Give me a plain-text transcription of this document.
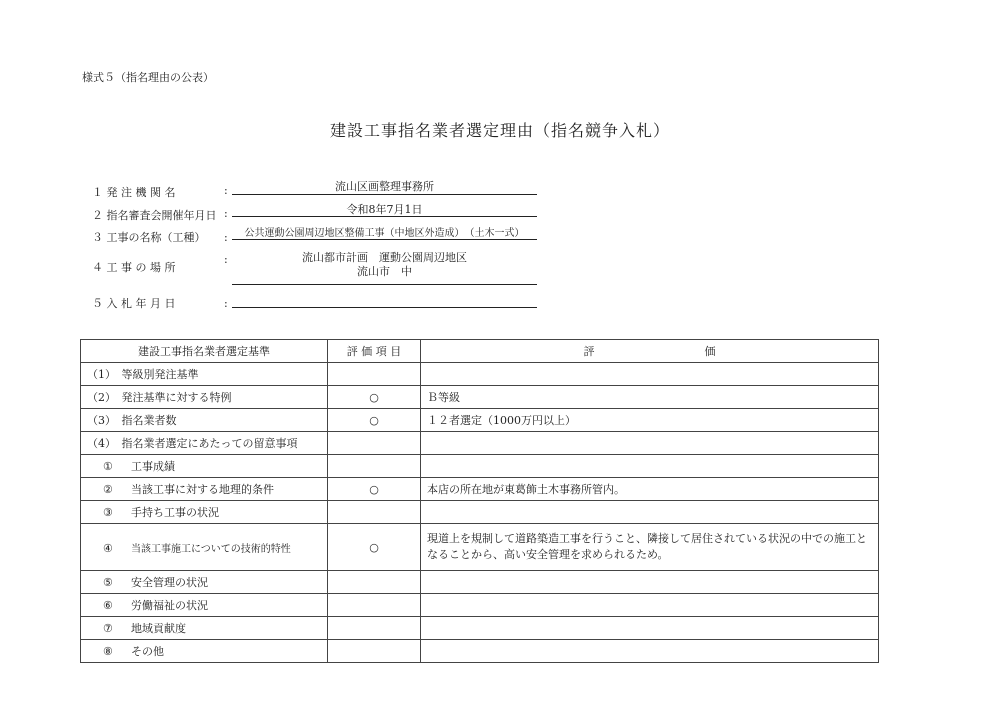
様式５（指名理由の公表）
建設工事指名業者選定理由（指名競争入札）
１ 発 注 機 関 名	:	流山区画整理事務所
２ 指名審査会開催年月日 :	令和8年7月1日
３ 工事の名称（工種） :	公共運動公園周辺地区整備工事（中地区外造成）　（土木一式）
４ 工 事 の 場 所
:	流山都市計画　運動公園周辺地区
流山市　中
５ 入 札 年 月 日	:
建設工事指名業者選定基準	評 価 項 目	評　　　　　　　　　　価
（1）　等級別発注基準		
（2）　発注基準に対する特例	○	Ｂ等級
（3）　指名業者数	○	１２者選定（1000万円以上）
（4）　指名業者選定にあたっての留意事項		
① 工事成績		
② 当該工事に対する地理的条件	○	本店の所在地が東葛飾土木事務所管内。
③ 手持ち工事の状況		
④ 当該工事施工についての技術的特性	○	現道上を規制して道路築造工事を行うこと、隣接して居住されている状況の中での施工となることから、高い安全管理を求められるため。
⑤ 安全管理の状況		
⑥ 労働福祉の状況		
⑦ 地域貢献度		
⑧ その他		
